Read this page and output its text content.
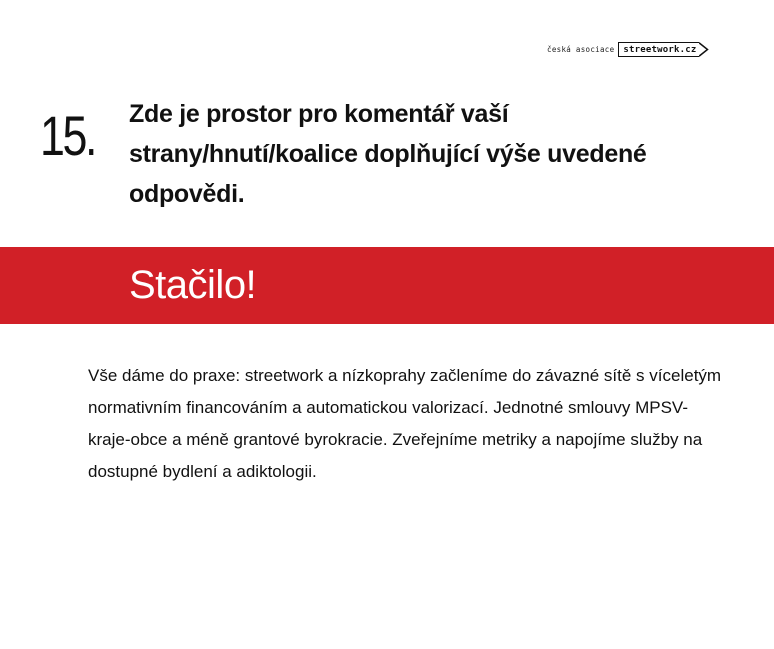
česká asociace streetwork.cz
15. Zde je prostor pro komentář vaší strany/hnutí/koalice doplňující výše uvedené odpovědi.

Stačilo!

Vše dáme do praxe: streetwork a nízkoprahy začleníme do závazné sítě s víceletým normativním financováním a automatickou valorizací. Jednotné smlouvy MPSV-kraje-obce a méně grantové byrokracie. Zveřejníme metriky a napojíme služby na dostupné bydlení a adiktologii.
